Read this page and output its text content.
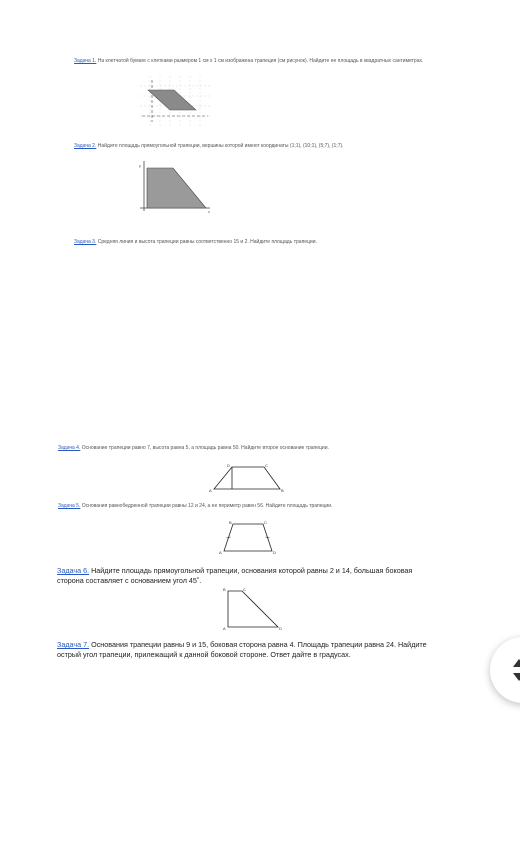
Задача 1. На клетчатой бумаге с клетками размером 1 см х 1 см изображена трапеция (см рисунок). Найдите ее площадь в квадратных сантиметрах.
Задача 2. Найдите площадь прямоугольной трапеции, вершины которой имеют координаты (1;1), (10;1), (5;7), (1;7).
y
x
Задача 3. Средняя линия и высота трапеции равны соответственно 15 и 2. Найдите площадь трапеции.
Задача 4. Основание трапеции равно 7, высота равна 5, а площадь равна 50. Найдите второе основание трапеции.
D	C
A	B
Задача 5. Основания равнобедренной трапеции равны 12 и 24, а ее периметр равен 56. Найдите площадь трапеции.
B	C
A	D
Задача 6. Найдите площадь прямоугольной трапеции, основания которой равны 2 и 14, большая боковая сторона составляет с основанием угол 45˚.
B	C
A	D
Задача 7. Основания трапеции равны 9 и 15, боковая сторона равна 4. Площадь трапеции равна 24. Найдите острый угол трапеции, прилежащий к данной боковой стороне. Ответ дайте в градусах.
